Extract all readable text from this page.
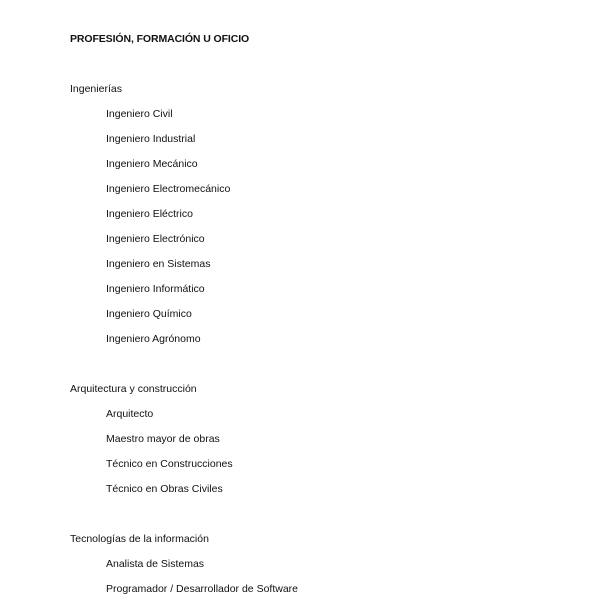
PROFESIÓN, FORMACIÓN U OFICIO
Ingenierías
Ingeniero Civil
Ingeniero Industrial
Ingeniero Mecánico
Ingeniero Electromecánico
Ingeniero Eléctrico
Ingeniero Electrónico
Ingeniero en Sistemas
Ingeniero Informático
Ingeniero Químico
Ingeniero Agrónomo
Arquitectura y construcción
Arquitecto
Maestro mayor de obras
Técnico en Construcciones
Técnico en Obras Civiles
Tecnologías de la información
Analista de Sistemas
Programador / Desarrollador de Software
